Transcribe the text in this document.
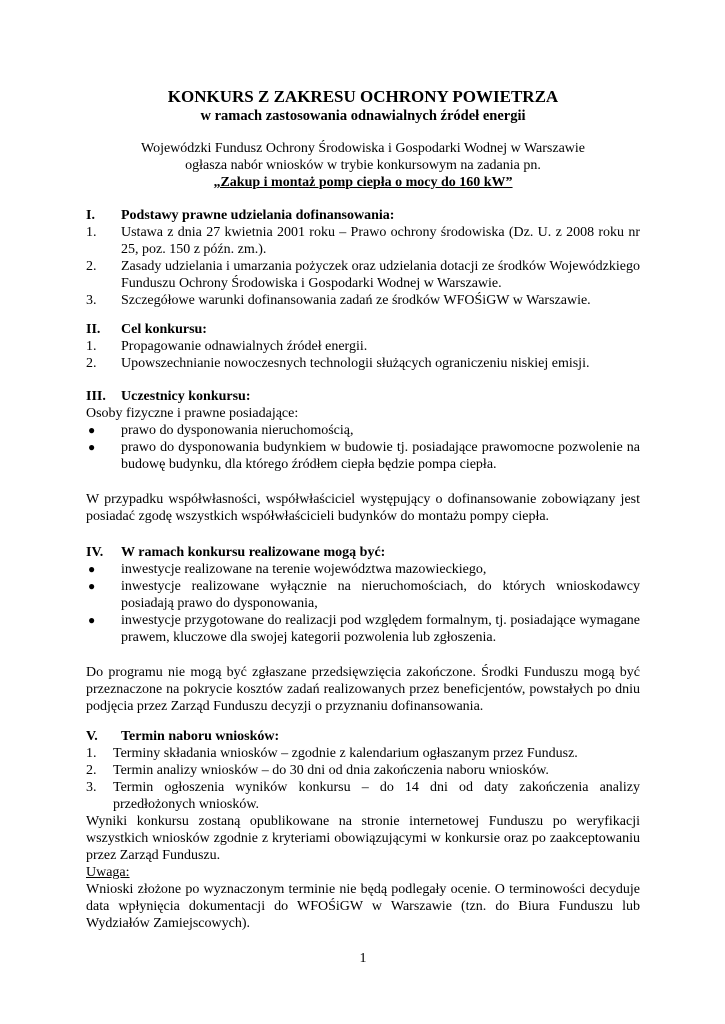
KONKURS Z ZAKRESU OCHRONY POWIETRZA
w ramach zastosowania odnawialnych źródeł energii
Wojewódzki Fundusz Ochrony Środowiska i Gospodarki Wodnej w Warszawie
ogłasza nabór wniosków w trybie konkursowym na zadania pn.
„Zakup i montaż pomp ciepła o mocy do 160 kW”

I. Podstawy prawne udzielania dofinansowania:

1. Ustawa z dnia 27 kwietnia 2001 roku – Prawo ochrony środowiska (Dz. U. z 2008 roku nr 25, poz. 150 z późn. zm.).

2. Zasady udzielania i umarzania pożyczek oraz udzielania dotacji ze środków Wojewódzkiego Funduszu Ochrony Środowiska i Gospodarki Wodnej w Warszawie.

3. Szczegółowe warunki dofinansowania zadań ze środków WFOŚiGW w Warszawie.

II. Cel konkursu:

1. Propagowanie odnawialnych źródeł energii.

2. Upowszechnianie nowoczesnych technologii służących ograniczeniu niskiej emisji.

III. Uczestnicy konkursu:

Osoby fizyczne i prawne posiadające:

● prawo do dysponowania nieruchomością,

● prawo do dysponowania budynkiem w budowie tj. posiadające prawomocne pozwolenie na budowę budynku, dla którego źródłem ciepła będzie pompa ciepła.

W przypadku współwłasności, współwłaściciel występujący o dofinansowanie zobowiązany jest posiadać zgodę wszystkich współwłaścicieli budynków do montażu pompy ciepła.

IV. W ramach konkursu realizowane mogą być:

● inwestycje realizowane na terenie województwa mazowieckiego,

● inwestycje realizowane wyłącznie na nieruchomościach, do których wnioskodawcy posiadają prawo do dysponowania,

● inwestycje przygotowane do realizacji pod względem formalnym, tj. posiadające wymagane prawem, kluczowe dla swojej kategorii pozwolenia lub zgłoszenia.

Do programu nie mogą być zgłaszane przedsięwzięcia zakończone. Środki Funduszu mogą być przeznaczone na pokrycie kosztów zadań realizowanych przez beneficjentów, powstałych po dniu podjęcia przez Zarząd Funduszu decyzji o przyznaniu dofinansowania.

V. Termin naboru wniosków:

1. Terminy składania wniosków – zgodnie z kalendarium ogłaszanym przez Fundusz.

2. Termin analizy wniosków – do 30 dni od dnia zakończenia naboru wniosków.

3. Termin ogłoszenia wyników konkursu – do 14 dni od daty zakończenia analizy przedłożonych wniosków.

Wyniki konkursu zostaną opublikowane na stronie internetowej Funduszu po weryfikacji wszystkich wniosków zgodnie z kryteriami obowiązującymi w konkursie oraz po zaakceptowaniu przez Zarząd Funduszu.

Uwaga:

Wnioski złożone po wyznaczonym terminie nie będą podlegały ocenie. O terminowości decyduje data wpłynięcia dokumentacji do WFOŚiGW w Warszawie (tzn. do Biura Funduszu lub Wydziałów Zamiejscowych).

1
